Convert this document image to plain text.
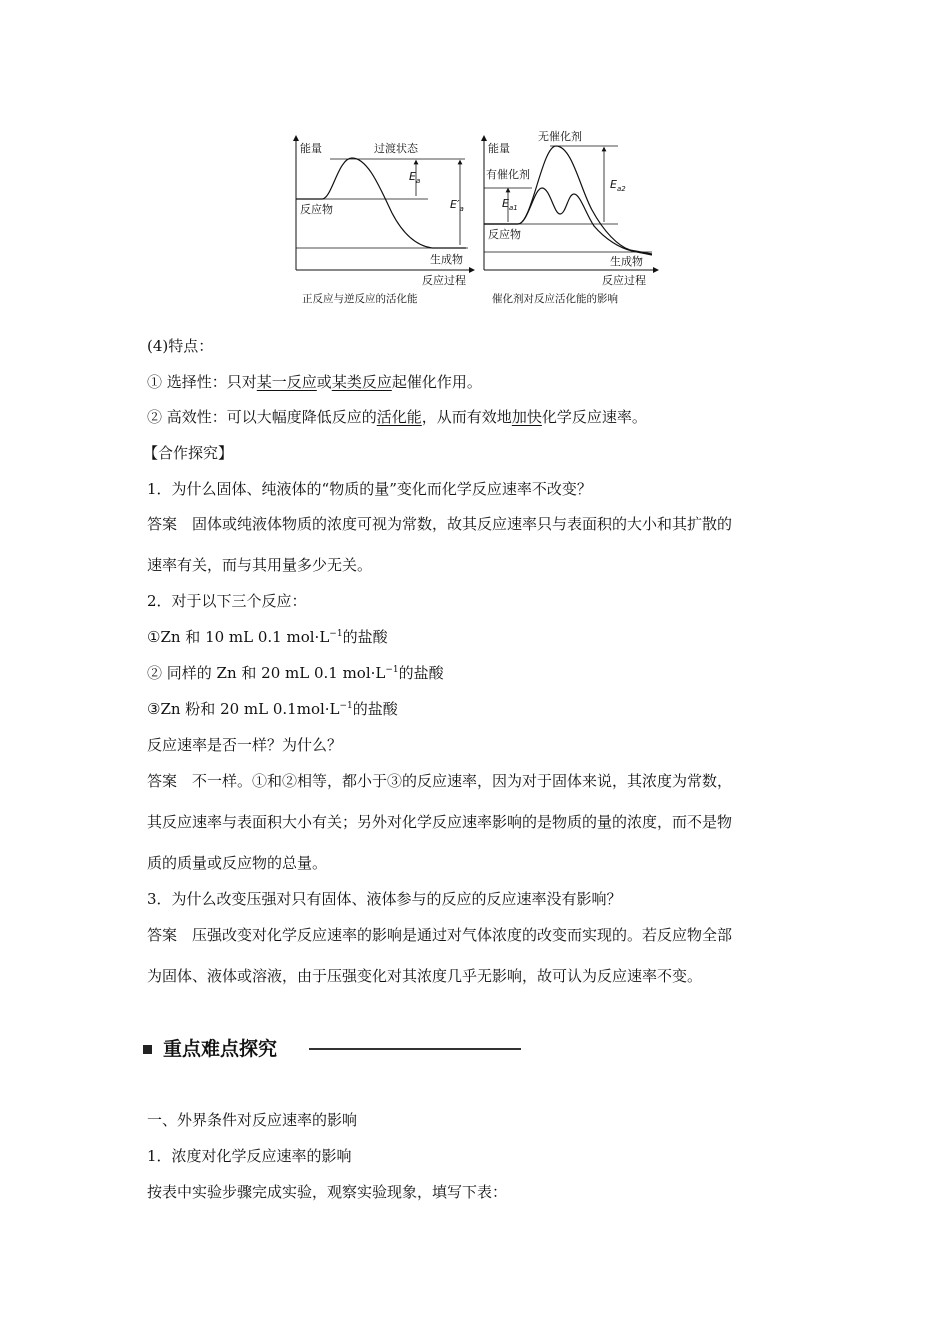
能量	过渡状态
$E_a$
$E'_a$
反应物
生成物
反应过程
正反应与逆反应的活化能
能量
无催化剂
有催化剂
$E_{a1}$
$E_{a2}$
反应物
生成物
反应过程
催化剂对反应活化能的影响
(4)特点：
① 选择性：只对某一反应或某类反应起催化作用。
② 高效性：可以大幅度降低反应的活化能，从而有效地加快化学反应速率。
【合作探究】
1．为什么固体、纯液体的“物质的量”变化而化学反应速率不改变？
答案　固体或纯液体物质的浓度可视为常数，故其反应速率只与表面积的大小和其扩散的
速率有关，而与其用量多少无关。
2．对于以下三个反应：
①Zn 和 10 mL 0.1 $mol\cdot L^{-1}$的盐酸
② 同样的 Zn 和 20 mL 0.1 $mol\cdot L^{-1}$的盐酸
③Zn 粉和 20 mL $0.1mol\cdot L^{-1}$的盐酸
反应速率是否一样？为什么？
答案　不一样。①和②相等，都小于③的反应速率，因为对于固体来说，其浓度为常数，
其反应速率与表面积大小有关；另外对化学反应速率影响的是物质的量的浓度，而不是物
质的质量或反应物的总量。
3．为什么改变压强对只有固体、液体参与的反应的反应速率没有影响？
答案　压强改变对化学反应速率的影响是通过对气体浓度的改变而实现的。若反应物全部
为固体、液体或溶液，由于压强变化对其浓度几乎无影响，故可认为反应速率不变。
重点难点探究
一、外界条件对反应速率的影响
1．浓度对化学反应速率的影响
按表中实验步骤完成实验，观察实验现象，填写下表：
